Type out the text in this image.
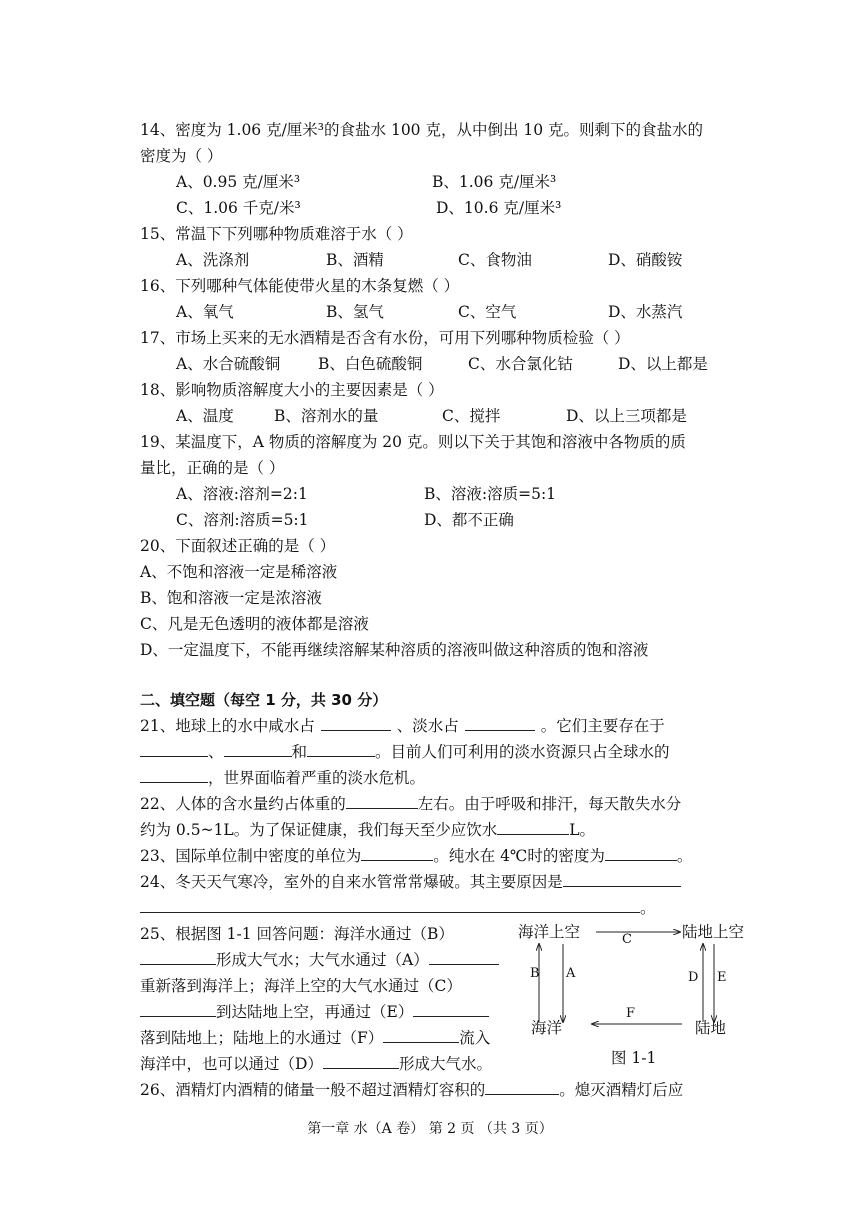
14、密度为 1.06 克/厘米³的食盐水 100 克，从中倒出 10 克。则剩下的食盐水的
密度为（ ）
A、0.95 克/厘米³	B、1.06 克/厘米³
C、1.06 千克/米³	D、10.6 克/厘米³
15、常温下下列哪种物质难溶于水（ ）
A、洗涤剂	B、酒精	C、食物油	D、硝酸铵
16、下列哪种气体能使带火星的木条复燃（ ）
A、氧气	B、氢气	C、空气	D、水蒸汽
17、市场上买来的无水酒精是否含有水份，可用下列哪种物质检验（ ）
A、水合硫酸铜 B、白色硫酸铜	C、水合氯化钴	D、以上都是
18、影响物质溶解度大小的主要因素是（ ）
A、温度	B、溶剂水的量	C、搅拌	D、以上三项都是
19、某温度下，A 物质的溶解度为 20 克。则以下关于其饱和溶液中各物质的质
量比，正确的是（ ）
A、溶液:溶剂=2:1	B、溶液:溶质=5:1
C、溶剂:溶质=5:1	D、都不正确
20、下面叙述正确的是（ ）
A、不饱和溶液一定是稀溶液
B、饱和溶液一定是浓溶液
C、凡是无色透明的液体都是溶液
D、一定温度下，不能再继续溶解某种溶质的溶液叫做这种溶质的饱和溶液
二、填空题（每空 1 分，共 30 分）
21、地球上的水中咸水占	、淡水占	。它们主要存在于
、	和	。目前人们可利用的淡水资源只占全球水的
，世界面临着严重的淡水危机。
22、人体的含水量约占体重的	左右。由于呼吸和排汗，每天散失水分
约为 0.5~1L。为了保证健康，我们每天至少应饮水	L。
23、国际单位制中密度的单位为	。纯水在 4℃时的密度为	。
24、冬天天气寒冷，室外的自来水管常常爆破。其主要原因是
。
25、根据图 1-1 回答问题：海洋水通过（B）
形成大气水；大气水通过（A）
重新落到海洋上；海洋上空的大气水通过（C）
到达陆地上空，再通过（E）
落到陆地上；陆地上的水通过（F）	流入
海洋中，也可以通过（D）	形成大气水。
海洋上空	陆地上空
海洋	陆地
C
B A	D E
F
图 1-1
26、酒精灯内酒精的储量一般不超过酒精灯容积的	。熄灭酒精灯后应
第一章 水（A 卷） 第 2 页 （共 3 页）
